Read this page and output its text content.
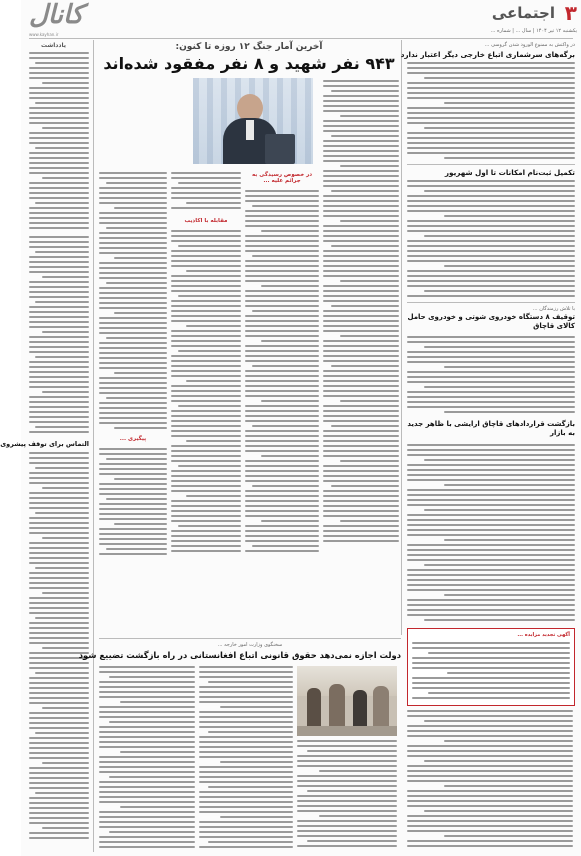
اجتماعی ۳
یکشنبه ۱۲ تیر ۱۴۰۴ | سال ... | شماره ...
کانال
www.kayhan.ir
یادداشت
التماس برای توقف پیشروی
آخرین آمار جنگ ۱۲ روزه تا کنون:
۹۴۳ نفر شهید و ۸ نفر مفقود شده‌اند
در خصوص رسیدگی به جرائم علیه ...
مقابله با اکاذیب
پیگیری ...
در واکنش به ممنوع الورود شدن گروسی ...
برگه‌های سرشماری اتباع خارجی دیگر اعتبار ندارد
تکمیل ثبت‌نام امکانات تا اول شهریور
با تلاش رزمندگان ...
توقیف ۸ دستگاه خودروی شوتی و خودروی حامل کالای قاچاق
بازگشت قرارداد‌های قاچاق ارایشی با ظاهر جدید به بازار
آگهی تجدید مزایده ...
سخنگوی وزارت امور خارجه ...
دولت اجازه نمی‌دهد حقوق قانونی اتباع افغانستانی در راه بازگشت تضییع شود
